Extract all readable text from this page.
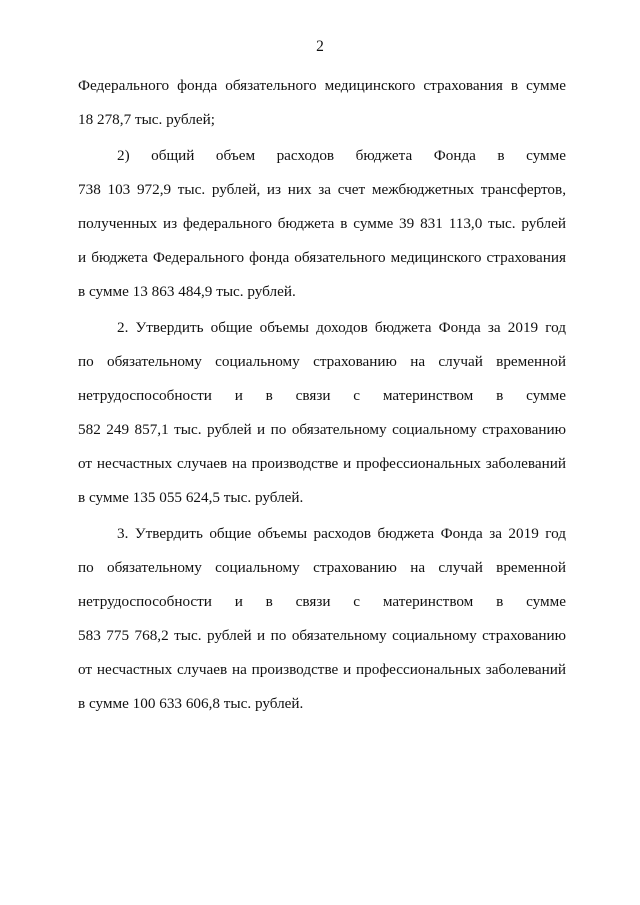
2
Федерального фонда обязательного медицинского страхования в сумме
18 278,7 тыс. рублей;
2) общий объем расходов бюджета Фонда в сумме
738 103 972,9 тыс. рублей, из них за счет межбюджетных трансфертов,
полученных из федерального бюджета в сумме 39 831 113,0 тыс. рублей
и бюджета Федерального фонда обязательного медицинского страхования
в сумме 13 863 484,9 тыс. рублей.
2. Утвердить общие объемы доходов бюджета Фонда за 2019 год
по обязательному социальному страхованию на случай временной
нетрудоспособности и в связи с материнством в сумме
582 249 857,1 тыс. рублей и по обязательному социальному страхованию
от несчастных случаев на производстве и профессиональных заболеваний
в сумме 135 055 624,5 тыс. рублей.
3. Утвердить общие объемы расходов бюджета Фонда за 2019 год
по обязательному социальному страхованию на случай временной
нетрудоспособности и в связи с материнством в сумме
583 775 768,2 тыс. рублей и по обязательному социальному страхованию
от несчастных случаев на производстве и профессиональных заболеваний
в сумме 100 633 606,8 тыс. рублей.
